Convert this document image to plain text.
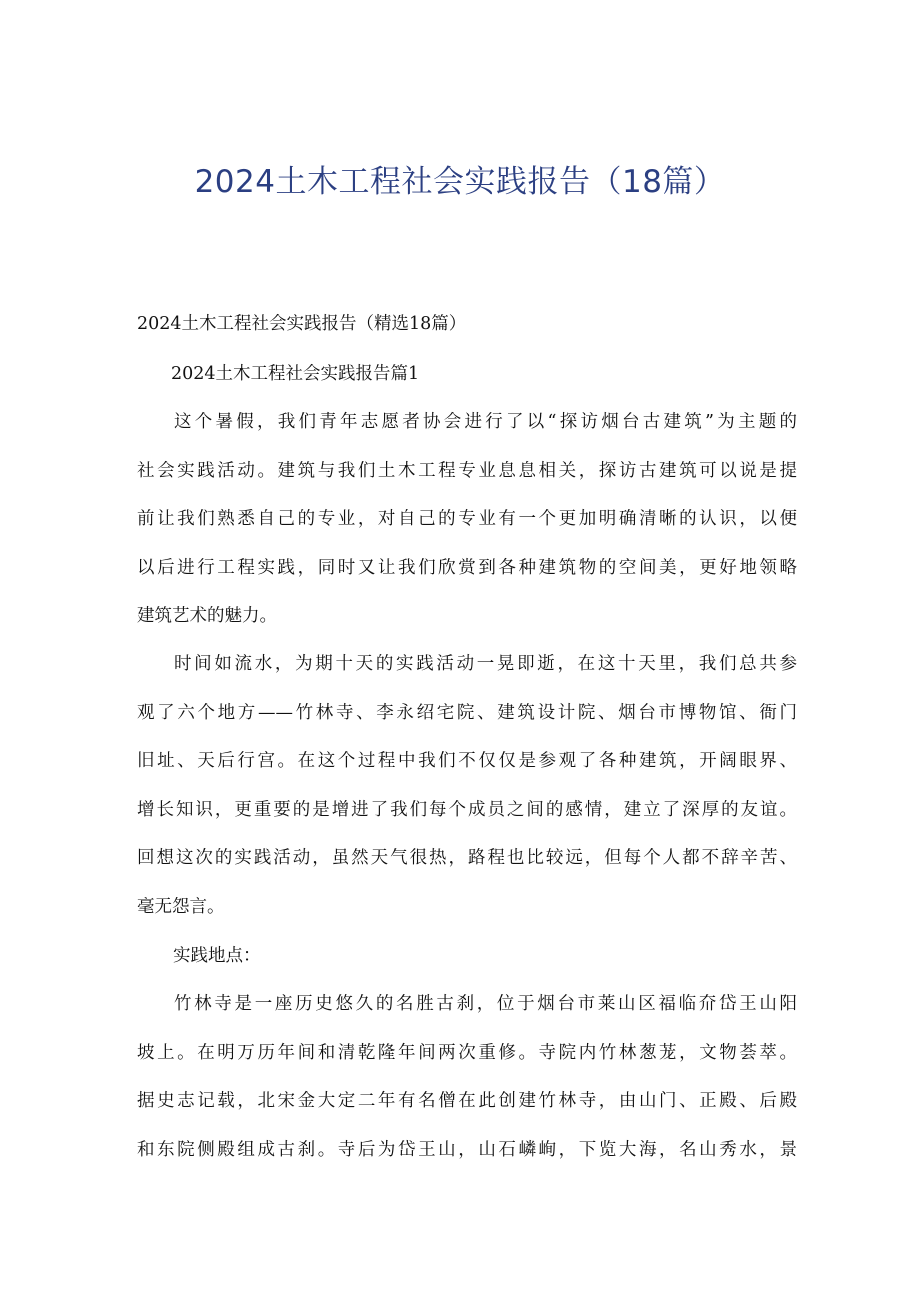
2024土木工程社会实践报告（18篇）
2024土木工程社会实践报告（精选18篇）
2024土木工程社会实践报告篇1
这个暑假，我们青年志愿者协会进行了以“探访烟台古建筑”为主题的
社会实践活动。建筑与我们土木工程专业息息相关，探访古建筑可以说是提
前让我们熟悉自己的专业，对自己的专业有一个更加明确清晰的认识，以便
以后进行工程实践，同时又让我们欣赏到各种建筑物的空间美，更好地领略
建筑艺术的魅力。
时间如流水，为期十天的实践活动一晃即逝，在这十天里，我们总共参
观了六个地方——竹林寺、李永绍宅院、建筑设计院、烟台市博物馆、衙门
旧址、天后行宫。在这个过程中我们不仅仅是参观了各种建筑，开阔眼界、
增长知识，更重要的是增进了我们每个成员之间的感情，建立了深厚的友谊。
回想这次的实践活动，虽然天气很热，路程也比较远，但每个人都不辞辛苦、
毫无怨言。
实践地点：
竹林寺是一座历史悠久的名胜古刹，位于烟台市莱山区福临夼岱王山阳
坡上。在明万历年间和清乾隆年间两次重修。寺院内竹林葱茏，文物荟萃。
据史志记载，北宋金大定二年有名僧在此创建竹林寺，由山门、正殿、后殿
和东院侧殿组成古刹。寺后为岱王山，山石嶙峋，下览大海，名山秀水，景
